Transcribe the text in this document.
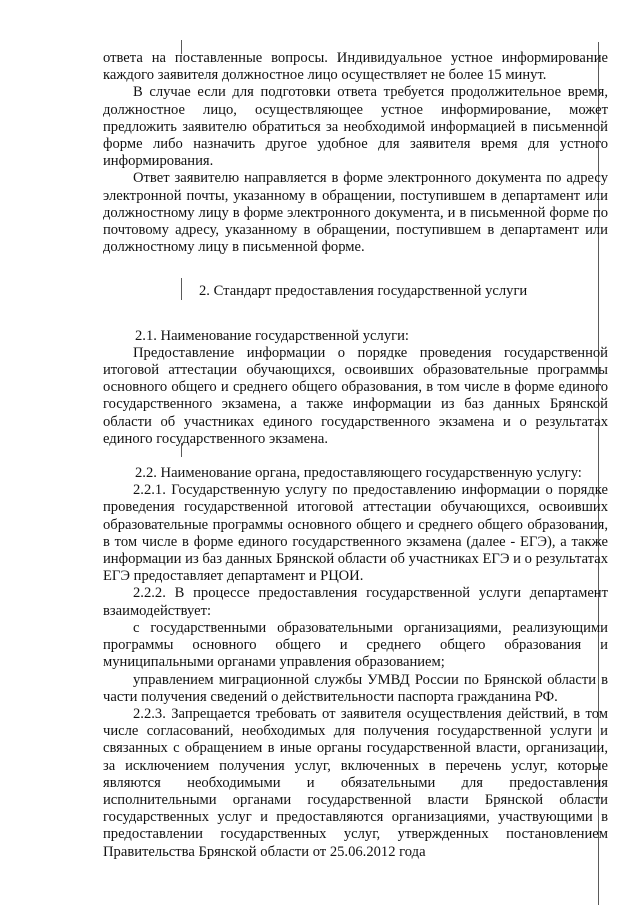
ответа на поставленные вопросы. Индивидуальное устное информирование каждого заявителя должностное лицо осуществляет не более 15 минут.

В случае если для подготовки ответа требуется продолжительное время, должностное лицо, осуществляющее устное информирование, может предложить заявителю обратиться за необходимой информацией в письменной форме либо назначить другое удобное для заявителя время для устного информирования.

Ответ заявителю направляется в форме электронного документа по адресу электронной почты, указанному в обращении, поступившем в департамент или должностному лицу в форме электронного документа, и в письменной форме по почтовому адресу, указанному в обращении, поступившем в департамент или должностному лицу в письменной форме.

2. Стандарт предоставления государственной услуги

2.1. Наименование государственной услуги:

Предоставление информации о порядке проведения государственной итоговой аттестации обучающихся, освоивших образовательные программы основного общего и среднего общего образования, в том числе в форме единого государственного экзамена, а также информации из баз данных Брянской области об участниках единого государственного экзамена и о результатах единого государственного экзамена.

2.2. Наименование органа, предоставляющего государственную услугу:

2.2.1. Государственную услугу по предоставлению информации о порядке проведения государственной итоговой аттестации обучающихся, освоивших образовательные программы основного общего и среднего общего образования, в том числе в форме единого государственного экзамена (далее - ЕГЭ), а также информации из баз данных Брянской области об участниках ЕГЭ и о результатах ЕГЭ предоставляет департамент и РЦОИ.

2.2.2. В процессе предоставления государственной услуги департамент взаимодействует:

с государственными образовательными организациями, реализующими программы основного общего и среднего общего образования и муниципальными органами управления образованием;

управлением миграционной службы УМВД России по Брянской области в части получения сведений о действительности паспорта гражданина РФ.

2.2.3. Запрещается требовать от заявителя осуществления действий, в том числе согласований, необходимых для получения государственной услуги и связанных с обращением в иные органы государственной власти, организации, за исключением получения услуг, включенных в перечень услуг, которые являются необходимыми и обязательными для предоставления исполнительными органами государственной власти Брянской области государственных услуг и предоставляются организациями, участвующими в предоставлении государственных услуг, утвержденных постановлением Правительства Брянской области от 25.06.2012 года
